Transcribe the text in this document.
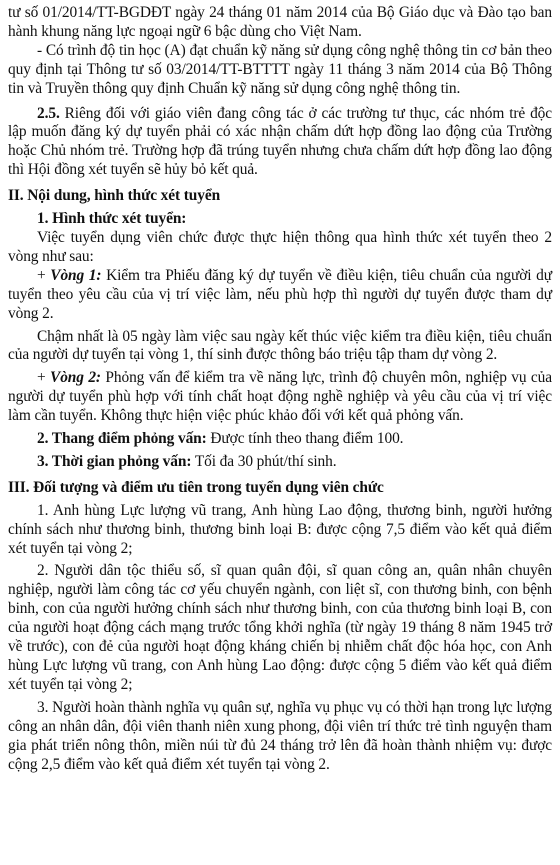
tư số 01/2014/TT-BGDĐT ngày 24 tháng 01 năm 2014 của Bộ Giáo dục và Đào tạo ban hành khung năng lực ngoại ngữ 6 bậc dùng cho Việt Nam.

- Có trình độ tin học (A) đạt chuẩn kỹ năng sử dụng công nghệ thông tin cơ bản theo quy định tại Thông tư số 03/2014/TT-BTTTT ngày 11 tháng 3 năm 2014 của Bộ Thông tin và Truyền thông quy định Chuẩn kỹ năng sử dụng công nghệ thông tin.

2.5. Riêng đối với giáo viên đang công tác ở các trường tư thục, các nhóm trẻ độc lập muốn đăng ký dự tuyển phải có xác nhận chấm dứt hợp đồng lao động của Trường hoặc Chủ nhóm trẻ. Trường hợp đã trúng tuyển nhưng chưa chấm dứt hợp đồng lao động thì Hội đồng xét tuyển sẽ hủy bỏ kết quả.

II. Nội dung, hình thức xét tuyển

1. Hình thức xét tuyển:

Việc tuyển dụng viên chức được thực hiện thông qua hình thức xét tuyển theo 2 vòng như sau:

+ Vòng 1: Kiểm tra Phiếu đăng ký dự tuyển về điều kiện, tiêu chuẩn của người dự tuyển theo yêu cầu của vị trí việc làm, nếu phù hợp thì người dự tuyển được tham dự vòng 2.

Chậm nhất là 05 ngày làm việc sau ngày kết thúc việc kiểm tra điều kiện, tiêu chuẩn của người dự tuyển tại vòng 1, thí sinh được thông báo triệu tập tham dự vòng 2.

+ Vòng 2: Phỏng vấn để kiểm tra về năng lực, trình độ chuyên môn, nghiệp vụ của người dự tuyển phù hợp với tính chất hoạt động nghề nghiệp và yêu cầu của vị trí việc làm cần tuyển. Không thực hiện việc phúc khảo đối với kết quả phỏng vấn.

2. Thang điểm phỏng vấn: Được tính theo thang điểm 100.

3. Thời gian phỏng vấn: Tối đa 30 phút/thí sinh.

III. Đối tượng và điểm ưu tiên trong tuyển dụng viên chức

1. Anh hùng Lực lượng vũ trang, Anh hùng Lao động, thương binh, người hưởng chính sách như thương binh, thương binh loại B: được cộng 7,5 điểm vào kết quả điểm xét tuyển tại vòng 2;

2. Người dân tộc thiểu số, sĩ quan quân đội, sĩ quan công an, quân nhân chuyên nghiệp, người làm công tác cơ yếu chuyển ngành, con liệt sĩ, con thương binh, con bệnh binh, con của người hưởng chính sách như thương binh, con của thương binh loại B, con của người hoạt động cách mạng trước tổng khởi nghĩa (từ ngày 19 tháng 8 năm 1945 trở về trước), con đẻ của người hoạt động kháng chiến bị nhiễm chất độc hóa học, con Anh hùng Lực lượng vũ trang, con Anh hùng Lao động: được cộng 5 điểm vào kết quả điểm xét tuyển tại vòng 2;

3. Người hoàn thành nghĩa vụ quân sự, nghĩa vụ phục vụ có thời hạn trong lực lượng công an nhân dân, đội viên thanh niên xung phong, đội viên trí thức trẻ tình nguyện tham gia phát triển nông thôn, miền núi từ đủ 24 tháng trở lên đã hoàn thành nhiệm vụ: được cộng 2,5 điểm vào kết quả điểm xét tuyển tại vòng 2.
